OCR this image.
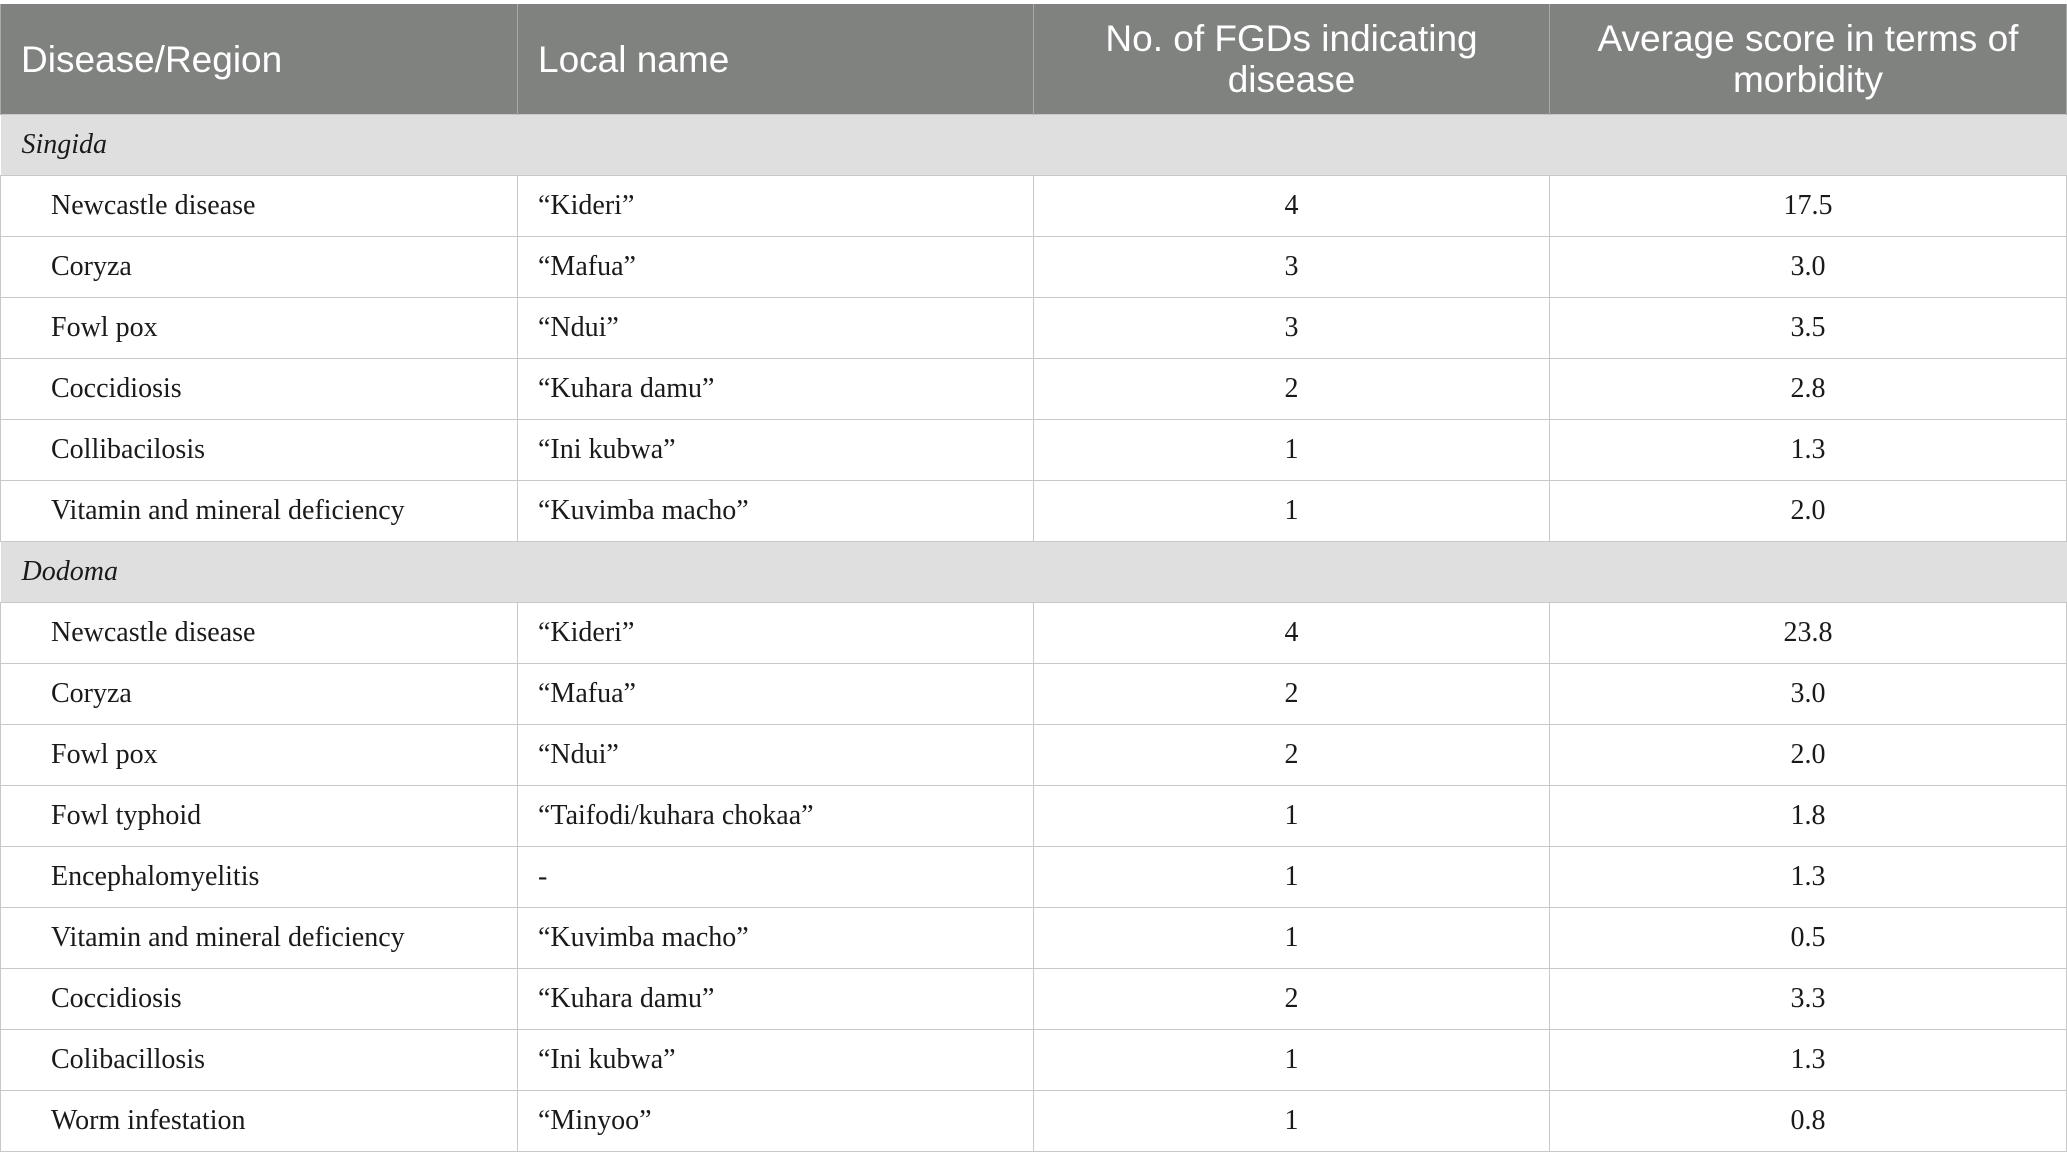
Disease/Region	Local name	No. of FGDs indicating disease	Average score in terms of morbidity
Singida			
Newcastle disease	“Kideri”	4	17.5
Coryza	“Mafua”	3	3.0
Fowl pox	“Ndui”	3	3.5
Coccidiosis	“Kuhara damu”	2	2.8
Collibacilosis	“Ini kubwa”	1	1.3
Vitamin and mineral deficiency	“Kuvimba macho”	1	2.0
Dodoma			
Newcastle disease	“Kideri”	4	23.8
Coryza	“Mafua”	2	3.0
Fowl pox	“Ndui”	2	2.0
Fowl typhoid	“Taifodi/kuhara chokaa”	1	1.8
Encephalomyelitis	-	1	1.3
Vitamin and mineral deficiency	“Kuvimba macho”	1	0.5
Coccidiosis	“Kuhara damu”	2	3.3
Colibacillosis	“Ini kubwa”	1	1.3
Worm infestation	“Minyoo”	1	0.8
